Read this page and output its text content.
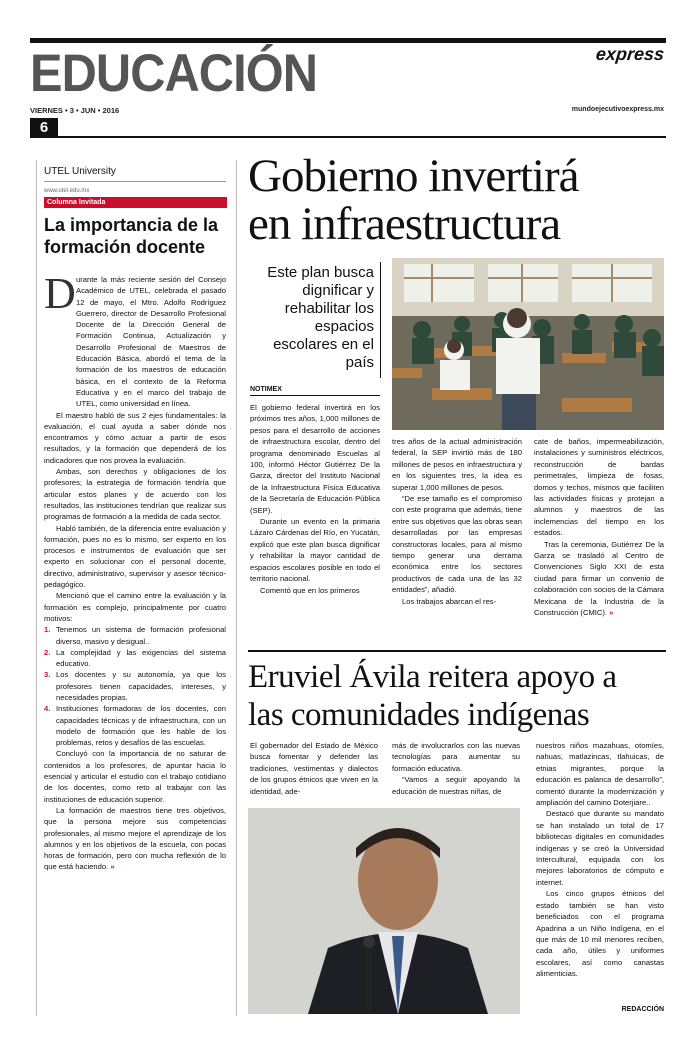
EDUCACIÓN
MUNDOEJECUTIVO
express
VIERNES • 3 • JUN • 2016	mundoejecutivoexpress.mx
6
UTEL University
www.utel.edu.mx
Columna Invitada
La importancia de la formación docente
D urante la más reciente sesión del Consejo Académico de UTEL, celebrada el pasado 12 de mayo, el Mtro. Adolfo Rodríguez Guerrero, director de Desarrollo Profesional Docente de la Dirección General de Formación Continua, Actualización y Desarrollo Profesional de Maestros de Educación Básica, abordó el tema de la formación de los maestros de educación básica, en el contexto de la Reforma Educativa y en el marco del trabajo de UTEL, como universidad en línea.

El maestro habló de sus 2 ejes fundamentales: la evaluación, el cual ayuda a saber dónde nos encontramos y cómo actuar a partir de esos resultados, y la formación que dependerá de los indicadores que nos provea la evaluación.

Ambas, son derechos y obligaciones de los profesores; la estrategia de formación tendría que articular estos planes y de acuerdo con los resultados, las instituciones tendrían que realizar sus programas de formación a la medida de cada sector.

Habló también, de la diferencia entre evaluación y formación, pues no es lo mismo, ser experto en los procesos e instrumentos de evaluación que ser experto en solucionar con el personal docente, directivo, administrativo, supervisor y asesor técnico-pedagógico.

Mencionó que el camino entre la evaluación y la formación es complejo, principalmente por cuatro motivos:

1. Tenemos un sistema de formación profesional diverso, masivo y desigual..
2. La complejidad y las exigencias del sistema educativo.
3. Los docentes y su autonomía, ya que los profesores tienen capacidades, intereses, y necesidades propias.
4. Instituciones formadoras de los docentes, con capacidades técnicas y de infraestructura, con un modelo de formación que les hable de los problemas, retos y desafíos de las escuelas.

Concluyó con la importancia de no saturar de contenidos a los profesores, de apuntar hacia lo esencial y articular el estudio con el trabajo cotidiano de los docentes, como reto al trabajar con las instituciones de educación superior.

La formación de maestros tiene tres objetivos, que la persona mejore sus competencias profesionales, al mismo mejore el aprendizaje de los alumnos y en los objetivos de la escuela, con pocas horas de formación, pero con mucha reflexión de lo que está haciendo. »

Gobierno invertirá
en infraestructura
Este plan busca dignificar y rehabilitar los espacios escolares en el país
NOTIMEX

El gobierno federal invertirá en los próximos tres años, 1,000 millones de pesos para el desarrollo de acciones de infraestructura escolar, dentro del programa denominado Escuelas al 100, informó Héctor Gutiérrez De la Garza, director del Instituto Nacional de la Infraestructura Física Educativa de la Secretaría de Educación Pública (SEP).

Durante un evento en la primaria Lázaro Cárdenas del Río, en Yucatán, explicó que este plan busca dignificar y rehabilitar la mayor cantidad de espacios escolares posible en todo el territorio nacional.

Comentó que en los primeros

tres años de la actual administración federal, la SEP invirtió más de 180 millones de pesos en infraestructura y en los siguientes tres, la idea es superar 1,000 millones de pesos.

“De ese tamaño es el compromiso con este programa que además, tiene entre sus objetivos que las obras sean desarrolladas por las empresas constructoras locales, para al mismo tiempo generar una derrama económica entre los sectores productivos de cada una de las 32 entidades”, añadió.

Los trabajos abarcan el res-

cate de baños, impermeabilización, instalaciones y suministros eléctricos, reconstrucción de bardas perimetrales, limpieza de fosas, domos y techos, mismos que faciliten las actividades físicas y protejan a alumnos y maestros de las inclemencias del tiempo en los estados.

Tras la ceremonia, Gutiérrez De la Garza se trasladó al Centro de Convenciones Siglo XXI de esta ciudad para firmar un convenio de colaboración con socios de la Cámara Mexicana de la Industria de la Construcción (CMIC). »

Eruviel Ávila reitera apoyo a
las comunidades indígenas

El gobernador del Estado de México busca fomentar y defender las tradiciones, vestimentas y dialectos de los grupos étnicos que viven en la identidad, ade-

más de involucrarlos con las nuevas tecnologías para aumentar su formación educativa.

“Vamos a seguir apoyando la educación de nuestras niñas, de

nuestros niños mazahuas, otomíes, nahuas, matlazincas, tlahuicas, de etnias migrantes, porque la educación es palanca de desarrollo”, comentó durante la modernización y ampliación del camino Doterjiare..

Destacó que durante su mandato se han instalado un total de 17 bibliotecas digitales en comunidades indígenas y se creó la Universidad Intercultural, equipada con los mejores laboratorios de cómputo e internet.

Los cinco grupos étnicos del estado también se han visto beneficiados con el programa Apadrina a un Niño Indígena, en el que más de 10 mil menores reciben, cada año, útiles y uniformes escolares, así como canastas alimenticias.

REDACCIÓN
